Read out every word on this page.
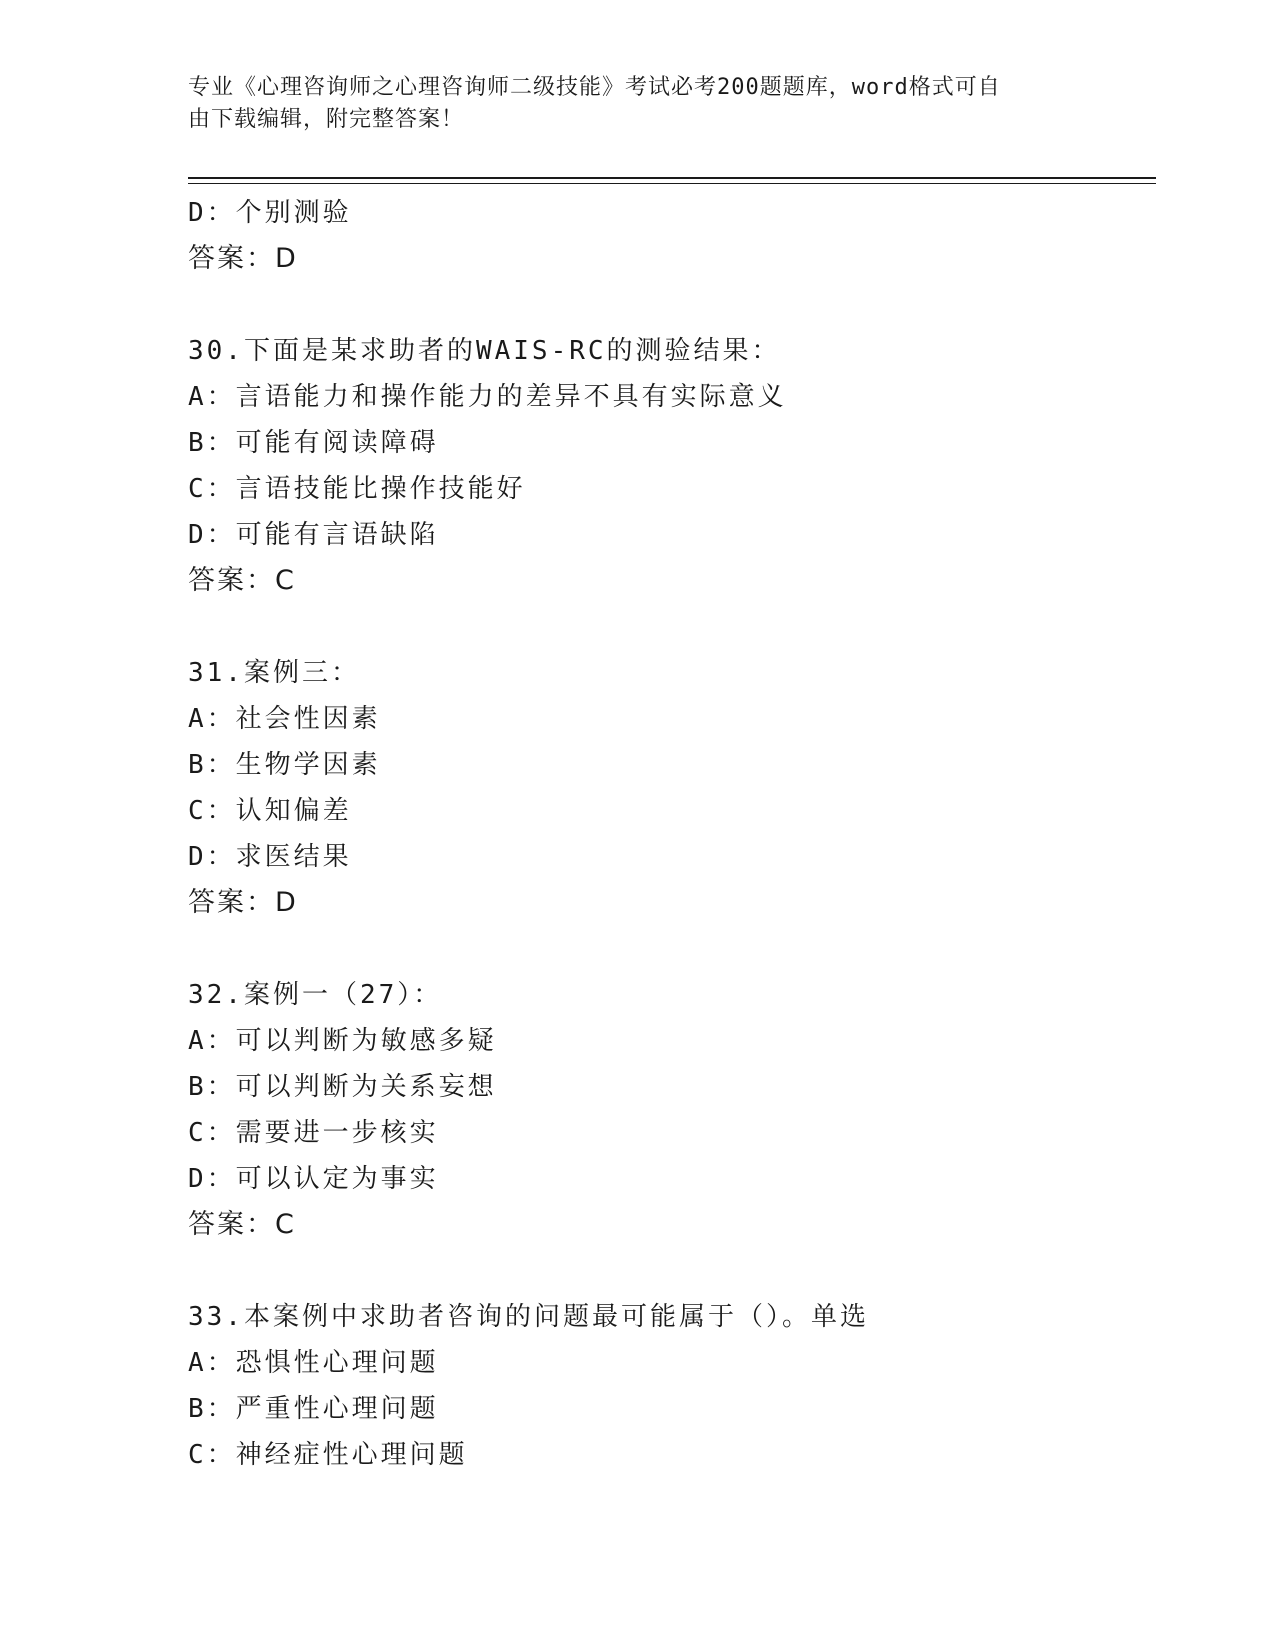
专业《心理咨询师之心理咨询师二级技能》考试必考200题题库，word格式可自
由下载编辑，附完整答案！
D：个别测验
答案：D
30.下面是某求助者的WAIS-RC的测验结果：
A：言语能力和操作能力的差异不具有实际意义
B：可能有阅读障碍
C：言语技能比操作技能好
D：可能有言语缺陷
答案：C
31.案例三：
A：社会性因素
B：生物学因素
C：认知偏差
D：求医结果
答案：D
32.案例一（27）：
A：可以判断为敏感多疑
B：可以判断为关系妄想
C：需要进一步核实
D：可以认定为事实
答案：C
33.本案例中求助者咨询的问题最可能属于（）。单选
A：恐惧性心理问题
B：严重性心理问题
C：神经症性心理问题
